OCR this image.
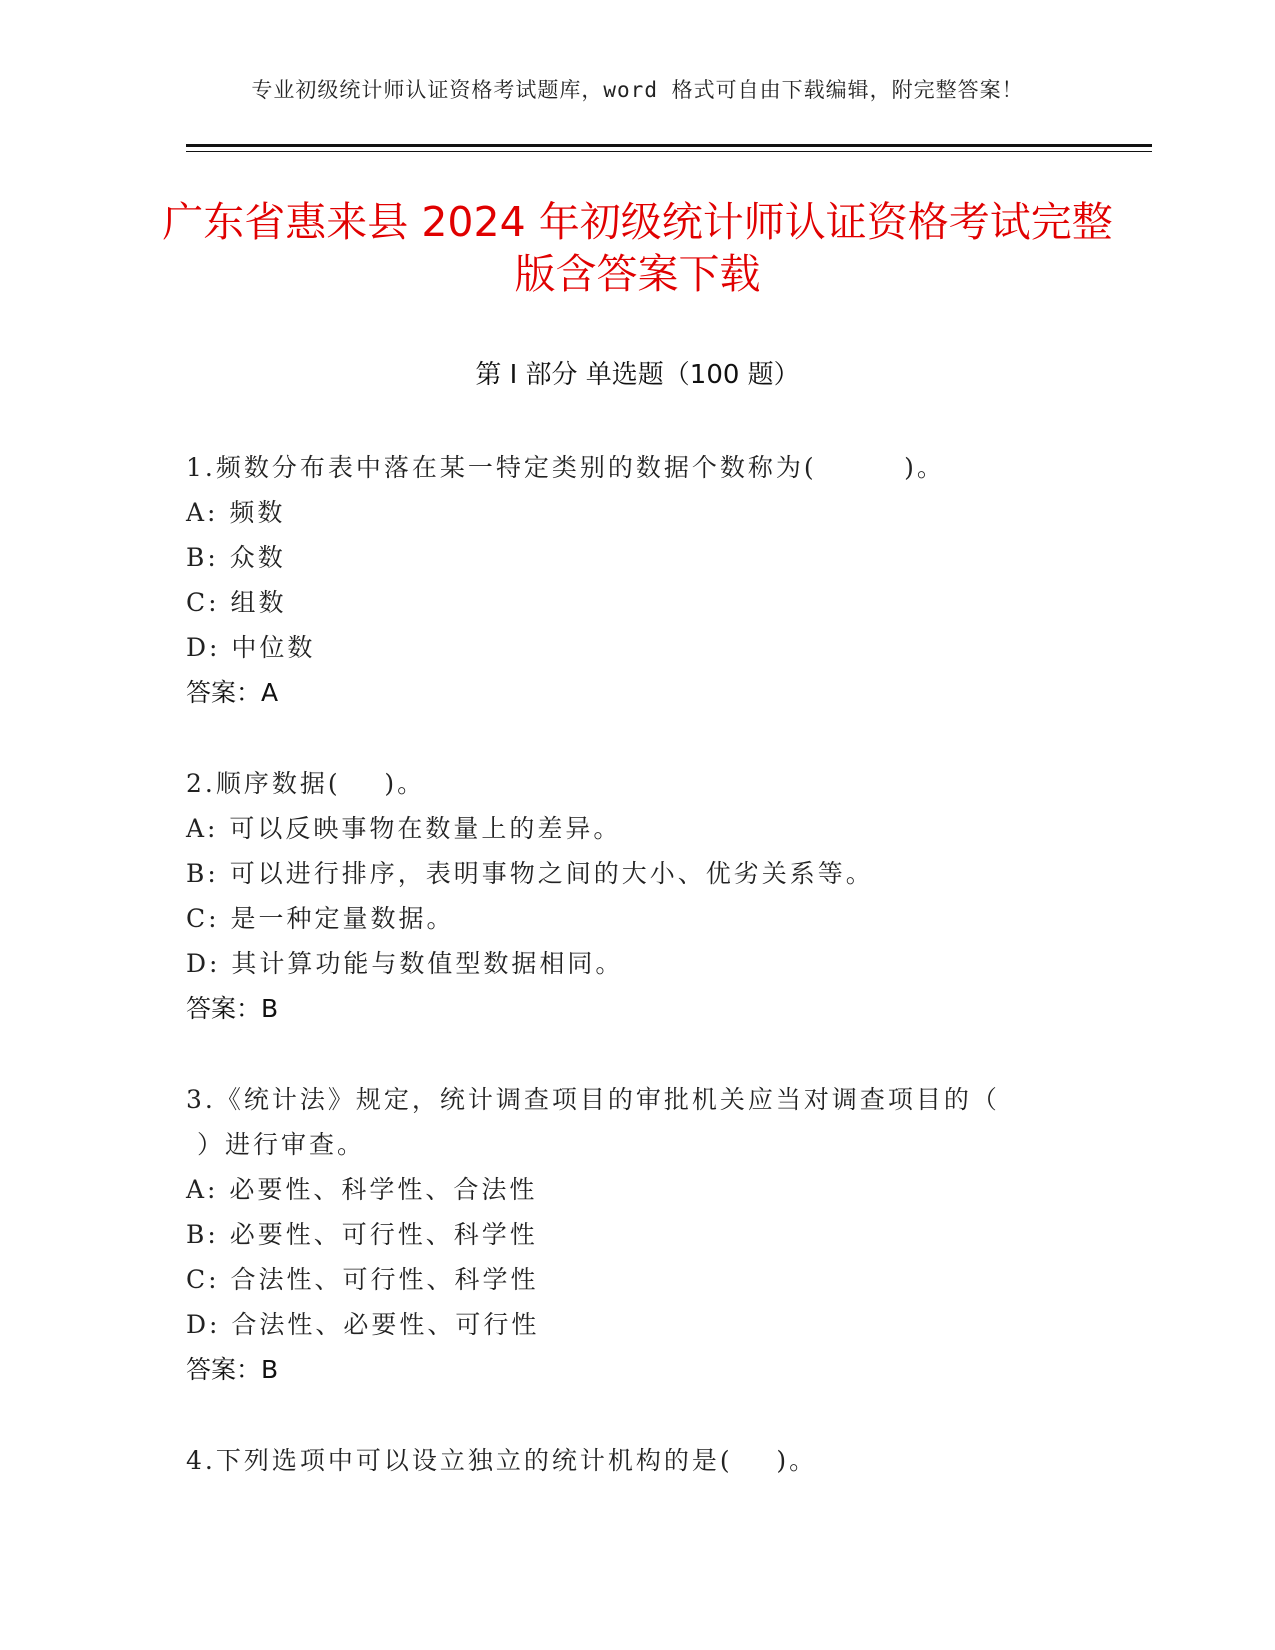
专业初级统计师认证资格考试题库，word 格式可自由下载编辑，附完整答案！
广东省惠来县 2024 年初级统计师认证资格考试完整版含答案下载
第 I 部分 单选题（100 题）
1.频数分布表中落在某一特定类别的数据个数称为(        )。
A: 频数
B: 众数
C: 组数
D: 中位数
答案：A
2.顺序数据(    )。
A: 可以反映事物在数量上的差异。
B: 可以进行排序，表明事物之间的大小、优劣关系等。
C: 是一种定量数据。
D: 其计算功能与数值型数据相同。
答案：B
3.《统计法》规定，统计调查项目的审批机关应当对调查项目的（
）进行审查。
A: 必要性、科学性、合法性
B: 必要性、可行性、科学性
C: 合法性、可行性、科学性
D: 合法性、必要性、可行性
答案：B
4.下列选项中可以设立独立的统计机构的是(    )。
